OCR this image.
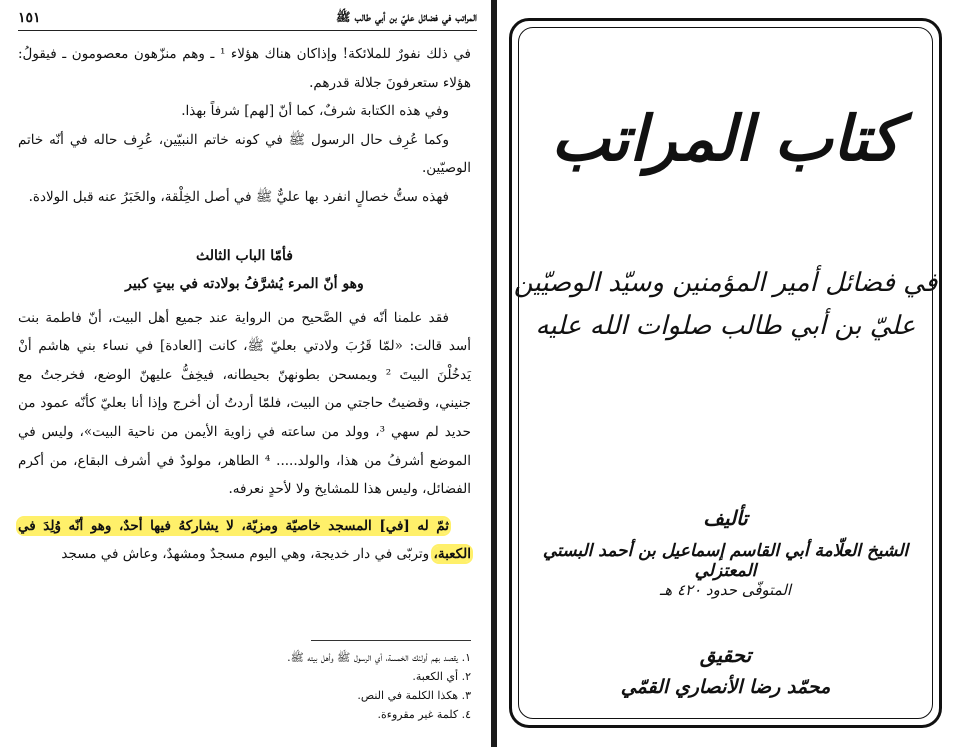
المراتب في فضائل عليّ بن أبي طالب ﷺ
١٥١

في ذلك نفورٌ للملائكة! وإذاكان هناك هؤلاء ¹ ـ وهم منزّهون معصومون ـ فيقولُ: هؤلاء ستعرفونَ جلالة قدرهم.

وفي هذه الكتابة شرفٌ، كما أنّ [لهم] شرفاً بهذا.

وكما عُرِف حال الرسول ﷺ في كونه خاتم النبيّين، عُرِف حاله في أنّه خاتم الوصيّين.

فهذه ستُّ خصالٍ انفرد بها عليٌّ ﷺ في أصل الخِلْقة، والخَبَرُ عنه قبل الولادة.

فأمّا الباب الثالث
وهو أنّ المرء يُشرَّفُ بولادته في بيتٍ كبير

فقد علمنا أنّه في الصَّحيح من الرواية عند جميع أهل البيت، أنّ فاطمة بنت أسد قالت: «لمّا قَرُبَ ولادتي بعليّ ﷺ، كانت [العادة] في نساء بني هاشم أنْ يَدخُلْنَ البيتَ ² ويمسحن بطونهنّ بحيطانه، فيخِفُّ عليهنّ الوضع، فخرجتُ مع جنيني، وقضيتُ حاجتي من البيت، فلمّا أردتُ أن أخرج وإذا أنا بعليّ كأنّه عمود من حديد لم سهي ³، وولد من ساعته في زاوية الأيمن من ناحية البيت»، وليس في الموضع أشرفُ من هذا، والولد..... ⁴ الطاهر، مولودٌ في أشرف البقاع، من أكرم الفضائل، وليس هذا للمشايخ ولا لأحدٍ نعرفه.

ثمّ له [في] المسجد خاصيّة ومزيّة، لا يشاركهُ فيها أحدٌ، وهو أنّه وُلِدَ في الكعبة، وتربّى في دار خديجة، وهي اليوم مسجدٌ ومشهدٌ، وعاش في مسجد

١. يقصد بهم أولئك الخمسة، أي الرسول ﷺ وأهل بيته ﷺ.

٢. أي الكعبة.

٣. هكذا الكلمة في النص.

٤. كلمة غير مقروءة.

كتاب المراتب
في فضائل أمير المؤمنين وسيّد الوصيّين
عليّ بن أبي طالب صلوات الله عليه
تأليف
الشيخ العلّامة أبي القاسم إسماعيل بن أحمد البستي المعتزلي
المتوفّى حدود ٤٢٠ هـ
تحقيق
محمّد رضا الأنصاري القمّي
